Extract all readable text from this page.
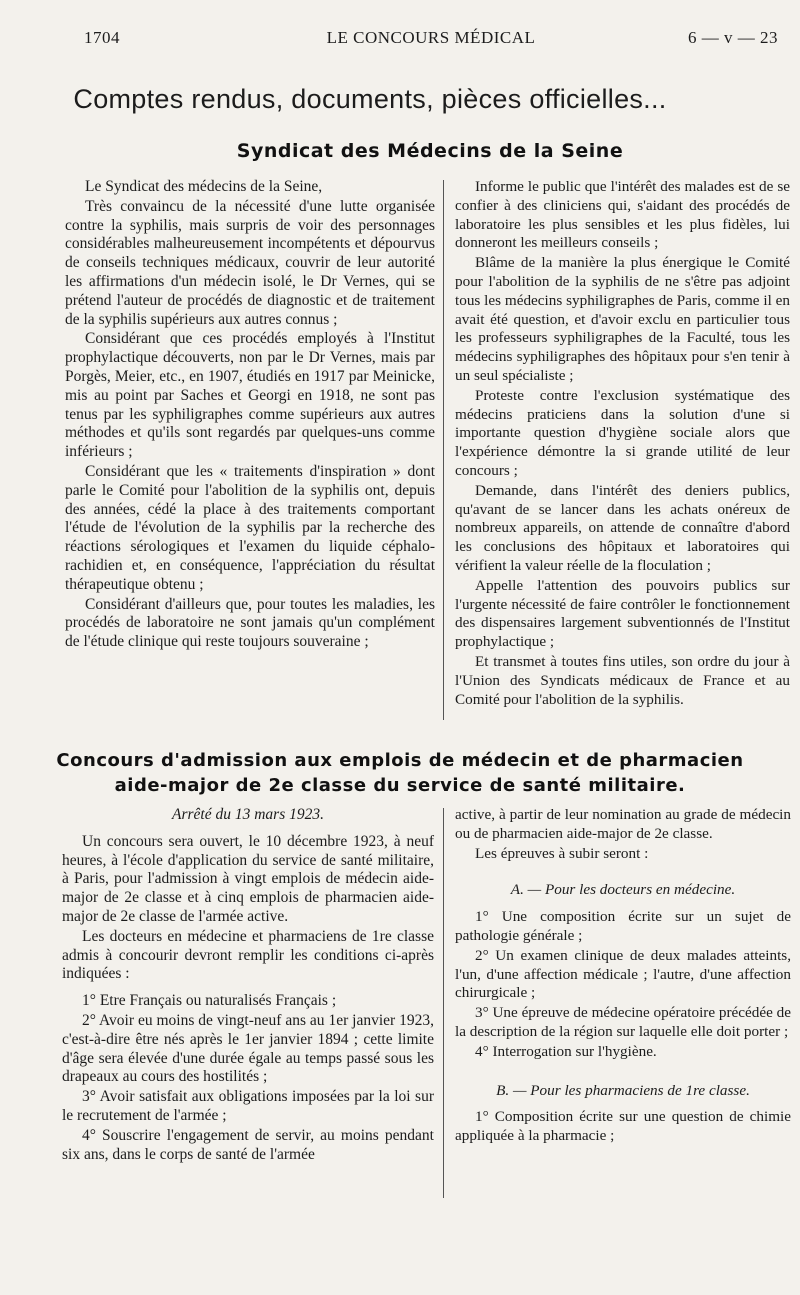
1704	LE CONCOURS MÉDICAL	6 — v — 23
Comptes rendus, documents, pièces officielles...
Syndicat des Médecins de la Seine

Le Syndicat des médecins de la Seine,

Très convaincu de la nécessité d'une lutte organisée contre la syphilis, mais surpris de voir des personnages considérables malheureusement incompétents et dépourvus de conseils techniques médicaux, couvrir de leur autorité les affirmations d'un médecin isolé, le Dr Vernes, qui se prétend l'auteur de procédés de diagnostic et de traitement de la syphilis supérieurs aux autres connus ;

Considérant que ces procédés employés à l'Institut prophylactique découverts, non par le Dr Vernes, mais par Porgès, Meier, etc., en 1907, étudiés en 1917 par Meinicke, mis au point par Saches et Georgi en 1918, ne sont pas tenus par les syphiligraphes comme supérieurs aux autres méthodes et qu'ils sont regardés par quelques-uns comme inférieurs ;

Considérant que les « traitements d'inspiration » dont parle le Comité pour l'abolition de la syphilis ont, depuis des années, cédé la place à des traitements comportant l'étude de l'évolution de la syphilis par la recherche des réactions sérologiques et l'examen du liquide céphalo-rachidien et, en conséquence, l'appréciation du résultat thérapeutique obtenu ;

Considérant d'ailleurs que, pour toutes les maladies, les procédés de laboratoire ne sont jamais qu'un complément de l'étude clinique qui reste toujours souveraine ;

Informe le public que l'intérêt des malades est de se confier à des cliniciens qui, s'aidant des procédés de laboratoire les plus sensibles et les plus fidèles, lui donneront les meilleurs conseils ;

Blâme de la manière la plus énergique le Comité pour l'abolition de la syphilis de ne s'être pas adjoint tous les médecins syphiligraphes de Paris, comme il en avait été question, et d'avoir exclu en particulier tous les professeurs syphiligraphes de la Faculté, tous les médecins syphiligraphes des hôpitaux pour s'en tenir à un seul spécialiste ;

Proteste contre l'exclusion systématique des médecins praticiens dans la solution d'une si importante question d'hygiène sociale alors que l'expérience démontre la si grande utilité de leur concours ;

Demande, dans l'intérêt des deniers publics, qu'avant de se lancer dans les achats onéreux de nombreux appareils, on attende de connaître d'abord les conclusions des hôpitaux et laboratoires qui vérifient la valeur réelle de la floculation ;

Appelle l'attention des pouvoirs publics sur l'urgente nécessité de faire contrôler le fonctionnement des dispensaires largement subventionnés de l'Institut prophylactique ;

Et transmet à toutes fins utiles, son ordre du jour à l'Union des Syndicats médicaux de France et au Comité pour l'abolition de la syphilis.

Concours d'admission aux emplois de médecin et de pharmacien
aide-major de 2e classe du service de santé militaire.

Arrêté du 13 mars 1923.

Un concours sera ouvert, le 10 décembre 1923, à neuf heures, à l'école d'application du service de santé militaire, à Paris, pour l'admission à vingt emplois de médecin aide-major de 2e classe et à cinq emplois de pharmacien aide-major de 2e classe de l'armée active.

Les docteurs en médecine et pharmaciens de 1re classe admis à concourir devront remplir les conditions ci-après indiquées :

1° Etre Français ou naturalisés Français ;

2° Avoir eu moins de vingt-neuf ans au 1er janvier 1923, c'est-à-dire être nés après le 1er janvier 1894 ; cette limite d'âge sera élevée d'une durée égale au temps passé sous les drapeaux au cours des hostilités ;

3° Avoir satisfait aux obligations imposées par la loi sur le recrutement de l'armée ;

4° Souscrire l'engagement de servir, au moins pendant six ans, dans le corps de santé de l'armée

active, à partir de leur nomination au grade de médecin ou de pharmacien aide-major de 2e classe.

Les épreuves à subir seront :

A. — Pour les docteurs en médecine.

1° Une composition écrite sur un sujet de pathologie générale ;

2° Un examen clinique de deux malades atteints, l'un, d'une affection médicale ; l'autre, d'une affection chirurgicale ;

3° Une épreuve de médecine opératoire précédée de la description de la région sur laquelle elle doit porter ;

4° Interrogation sur l'hygiène.

B. — Pour les pharmaciens de 1re classe.

1° Composition écrite sur une question de chimie appliquée à la pharmacie ;
